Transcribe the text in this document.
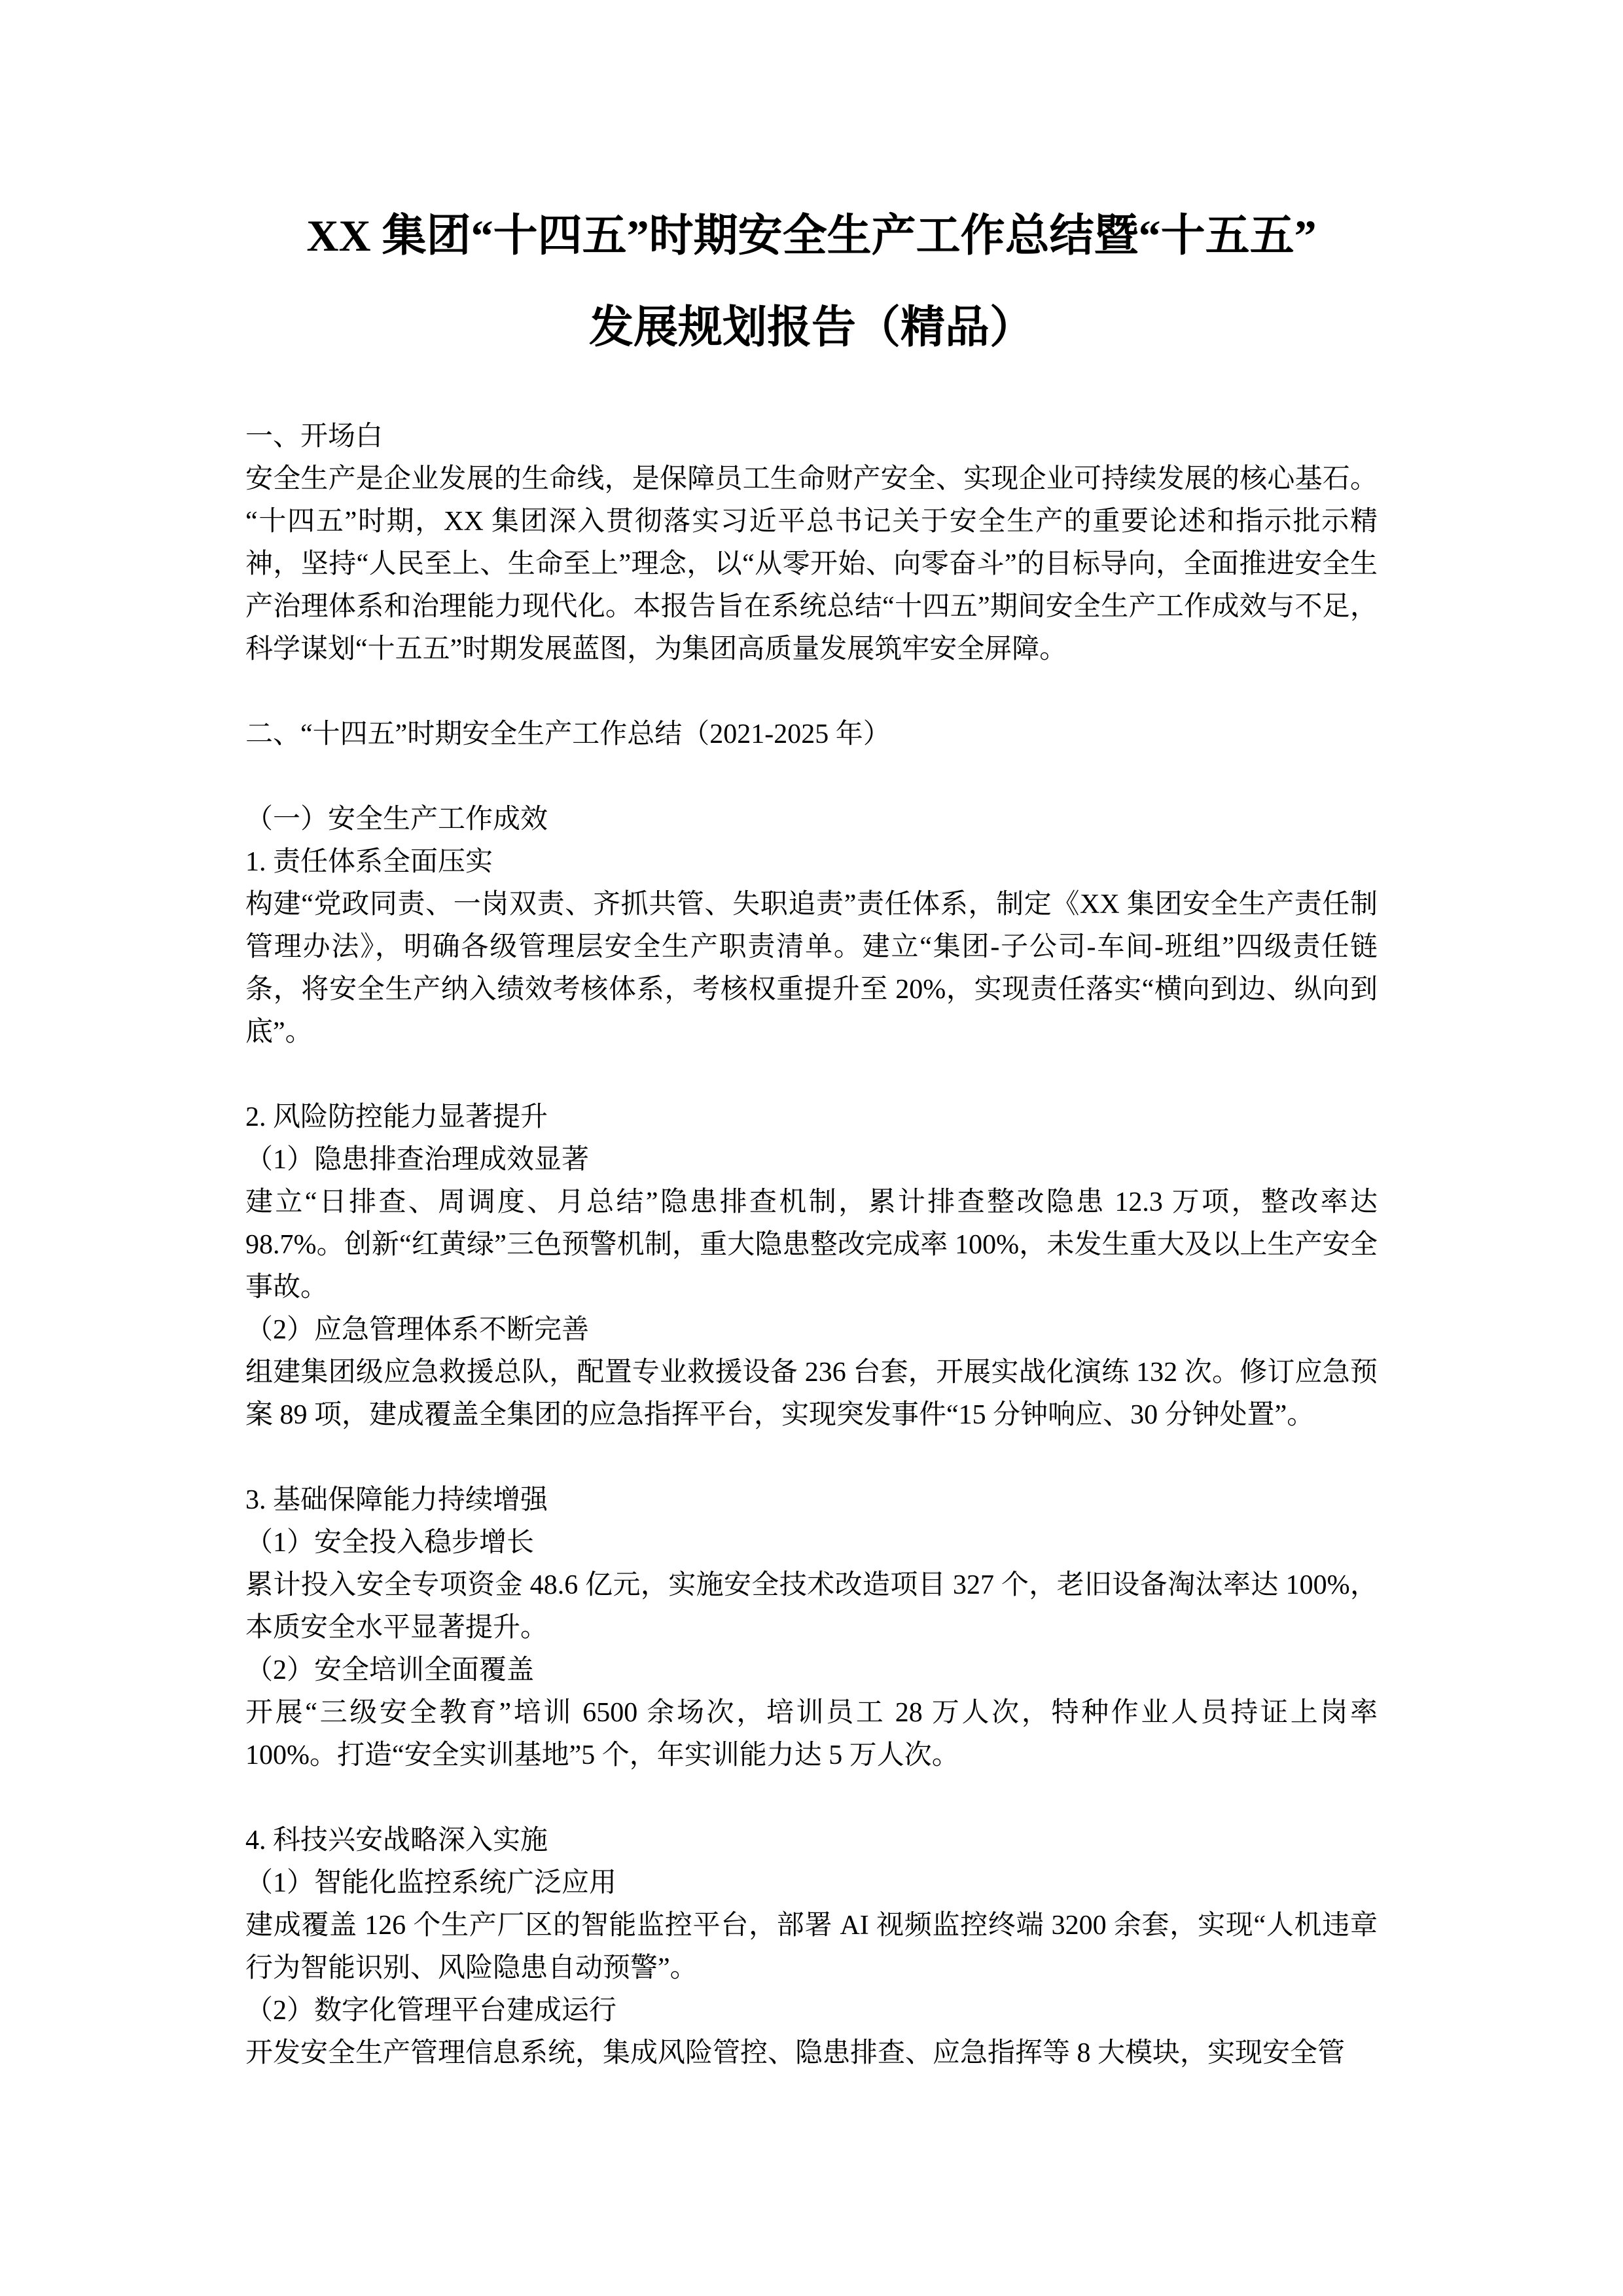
XX 集团“十四五”时期安全生产工作总结暨“十五五”
发展规划报告（精品）
一、开场白
安全生产是企业发展的生命线，是保障员工生命财产安全、实现企业可持续发展的核心基石。“十四五”时期，XX 集团深入贯彻落实习近平总书记关于安全生产的重要论述和指示批示精神，坚持“人民至上、生命至上”理念，以“从零开始、向零奋斗”的目标导向，全面推进安全生产治理体系和治理能力现代化。本报告旨在系统总结“十四五”期间安全生产工作成效与不足，科学谋划“十五五”时期发展蓝图，为集团高质量发展筑牢安全屏障。
二、“十四五”时期安全生产工作总结（2021-2025 年）
（一）安全生产工作成效
1. 责任体系全面压实
构建“党政同责、一岗双责、齐抓共管、失职追责”责任体系，制定《XX 集团安全生产责任制管理办法》，明确各级管理层安全生产职责清单。建立“集团-子公司-车间-班组”四级责任链条，将安全生产纳入绩效考核体系，考核权重提升至 20%，实现责任落实“横向到边、纵向到底”。
2. 风险防控能力显著提升
（1）隐患排查治理成效显著
建立“日排查、周调度、月总结”隐患排查机制，累计排查整改隐患 12.3 万项，整改率达 98.7%。创新“红黄绿”三色预警机制，重大隐患整改完成率 100%，未发生重大及以上生产安全事故。
（2）应急管理体系不断完善
组建集团级应急救援总队，配置专业救援设备 236 台套，开展实战化演练 132 次。修订应急预案 89 项，建成覆盖全集团的应急指挥平台，实现突发事件“15 分钟响应、30 分钟处置”。
3. 基础保障能力持续增强
（1）安全投入稳步增长
累计投入安全专项资金 48.6 亿元，实施安全技术改造项目 327 个，老旧设备淘汰率达 100%，本质安全水平显著提升。
（2）安全培训全面覆盖
开展“三级安全教育”培训 6500 余场次，培训员工 28 万人次，特种作业人员持证上岗率 100%。打造“安全实训基地”5 个，年实训能力达 5 万人次。
4. 科技兴安战略深入实施
（1）智能化监控系统广泛应用
建成覆盖 126 个生产厂区的智能监控平台，部署 AI 视频监控终端 3200 余套，实现“人机违章行为智能识别、风险隐患自动预警”。
（2）数字化管理平台建成运行
开发安全生产管理信息系统，集成风险管控、隐患排查、应急指挥等 8 大模块，实现安全管
